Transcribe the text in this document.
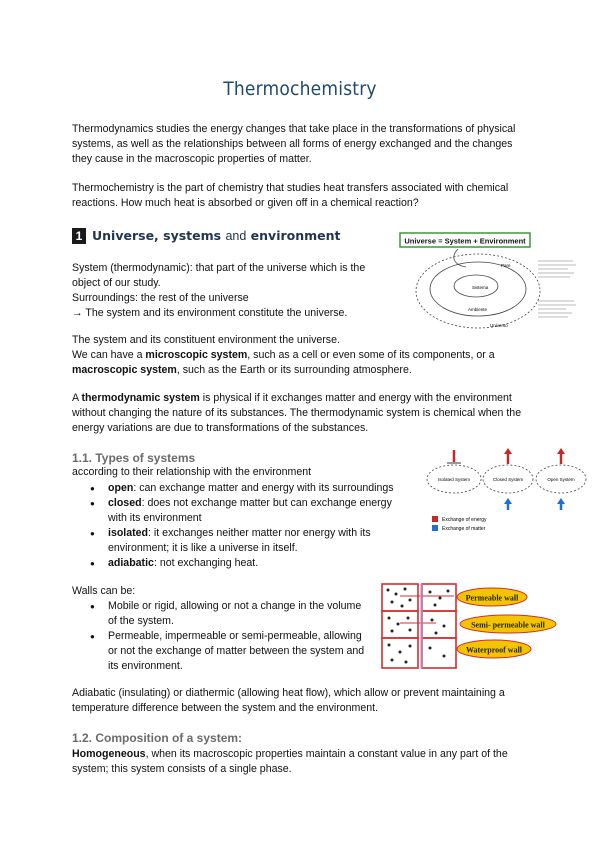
Thermochemistry
Thermodynamics studies the energy changes that take place in the transformations of physical systems, as well as the relationships between all forms of energy exchanged and the changes they cause in the macroscopic properties of matter.
Thermochemistry is the part of chemistry that studies heat transfers associated with chemical reactions. How much heat is absorbed or given off in a chemical reaction?
1 Universe, systems and environment
System (thermodynamic): that part of the universe which is the
object of our study.
Surroundings: the rest of the universe
→ The system and its environment constitute the universe.
Universe = System + Environment
Pare
Sistema
Ambiente
Universo
The system and its constituent environment the universe.
We can have a microscopic system, such as a cell or even some of its components, or a macroscopic system, such as the Earth or its surrounding atmosphere.
A thermodynamic system is physical if it exchanges matter and energy with the environment without changing the nature of its substances. The thermodynamic system is chemical when the energy variations are due to transformations of the substances.
1.1. Types of systems
according to their relationship with the environment
● open: can exchange matter and energy with its surroundings
● closed: does not exchange matter but can exchange energy with its environment
● isolated: it exchanges neither matter nor energy with its environment; it is like a universe in itself.
● adiabatic: not exchanging heat.
Isolated System	Closed System	Open System
Exchange of energy
Exchange of matter
Walls can be:
● Mobile or rigid, allowing or not a change in the volume of the system.
● Permeable, impermeable or semi-permeable, allowing or not the exchange of matter between the system and its environment.
Permeable wall
Semi- permeable wall
Waterproof wall
Adiabatic (insulating) or diathermic (allowing heat flow), which allow or prevent maintaining a temperature difference between the system and the environment.
1.2. Composition of a system:
Homogeneous, when its macroscopic properties maintain a constant value in any part of the system; this system consists of a single phase.
